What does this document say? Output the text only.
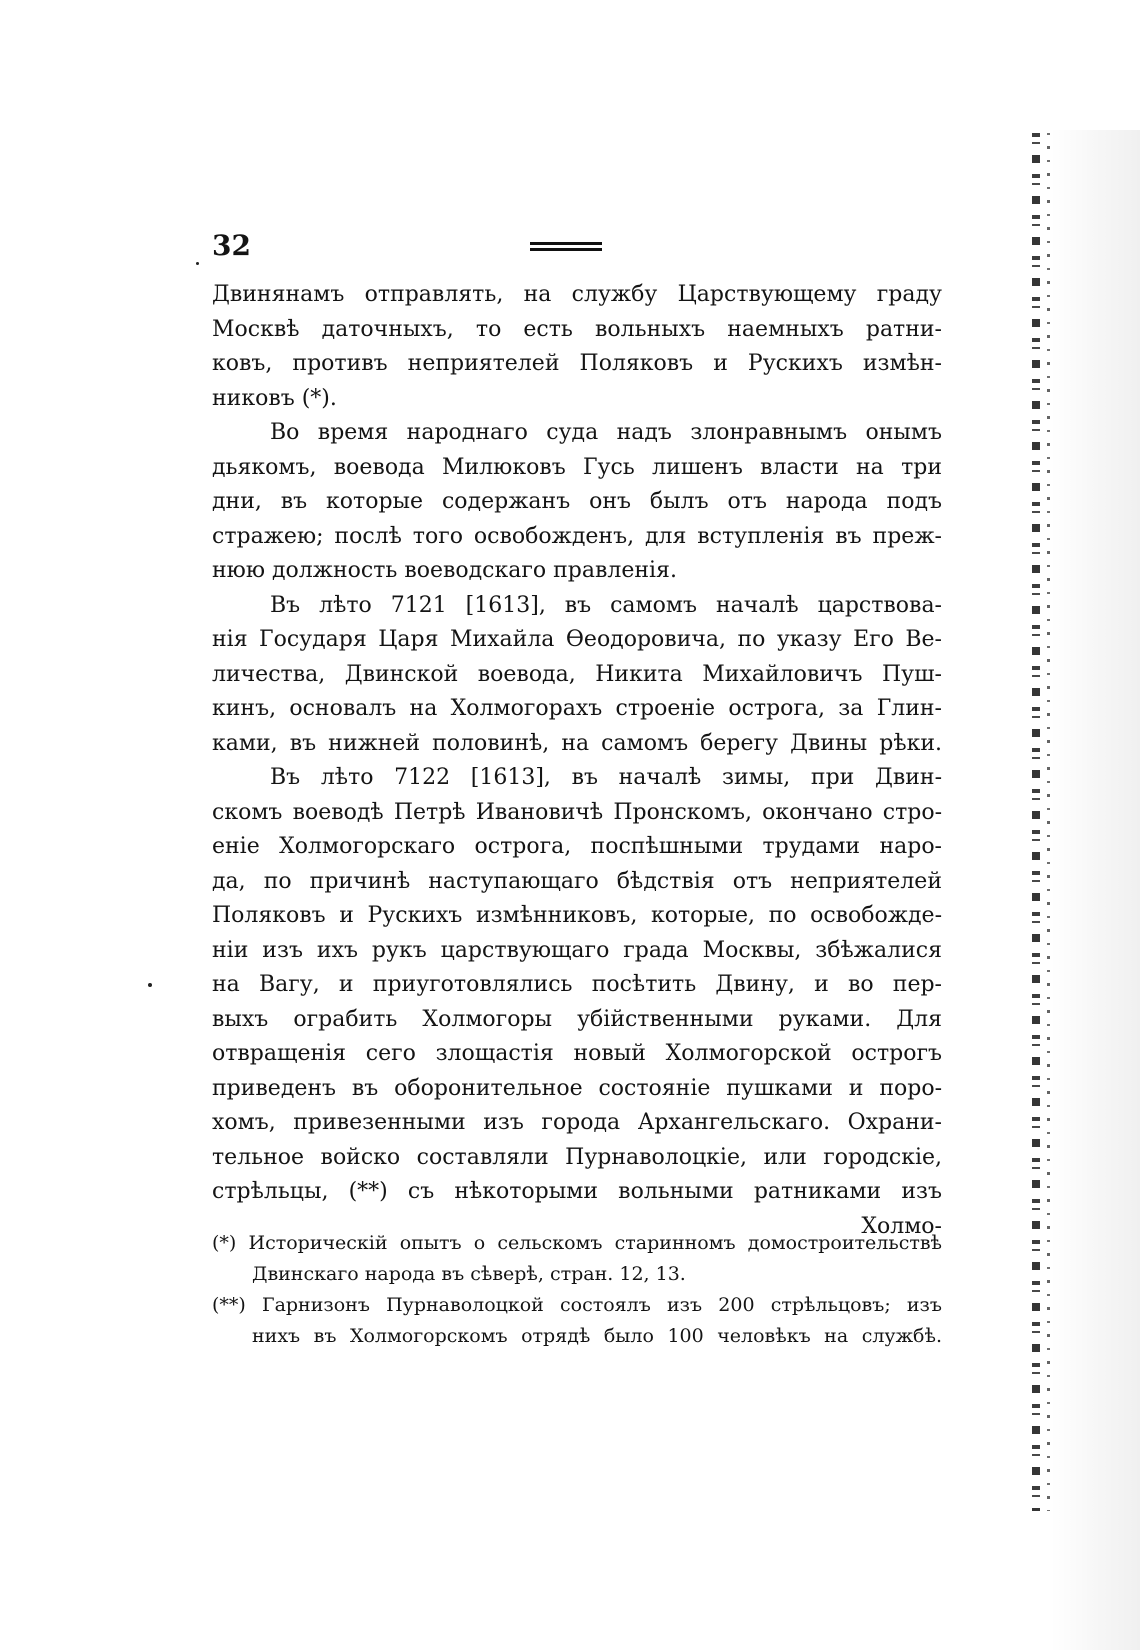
32
Двинянамъ отправлять, на службу Царствующему граду
Москвѣ даточныхъ, то есть вольныхъ наемныхъ ратни-
ковъ, противъ неприятелей Поляковъ и Рускихъ измѣн-
никовъ (*).
Во время народнаго суда надъ злонравнымъ онымъ
дьякомъ, воевода Милюковъ Гусь лишенъ власти на три
дни, въ которые содержанъ онъ былъ отъ народа подъ
стражею; послѣ того освобожденъ, для вступленія въ преж-
нюю должность воеводскаго правленія.
Въ лѣто 7121 [1613], въ самомъ началѣ царствова-
нія Государя Царя Михайла Ѳеодоровича, по указу Его Ве-
личества, Двинской воевода, Никита Михайловичъ Пуш-
кинъ, основалъ на Холмогорахъ строеніе острога, за Глин-
ками, въ нижней половинѣ, на самомъ берегу Двины рѣки.
Въ лѣто 7122 [1613], въ началѣ зимы, при Двин-
скомъ воеводѣ Петрѣ Ивановичѣ Пронскомъ, окончано стро-
еніе Холмогорскаго острога, поспѣшными трудами наро-
да, по причинѣ наступающаго бѣдствія отъ неприятелей
Поляковъ и Рускихъ измѣнниковъ, которые, по освобожде-
ніи изъ ихъ рукъ царствующаго града Москвы, збѣжалися
на Вагу, и приуготовлялись посѣтить Двину, и во пер-
выхъ ограбить Холмогоры убійственными руками. Для
отвращенія сего злощастія новый Холмогорской острогъ
приведенъ въ оборонительное состояніе пушками и поро-
хомъ, привезенными изъ города Архангельскаго. Охрани-
тельное войско составляли Пурнаволоцкіе, или городскіе,
стрѣльцы, (**) съ нѣкоторыми вольными ратниками изъ
Холмо-
(*) Историческій опытъ о сельскомъ старинномъ домостроительствѣ
Двинскаго народа въ сѣверѣ, стран. 12, 13.
(**) Гарнизонъ Пурнаволоцкой состоялъ изъ 200 стрѣльцовъ; изъ
нихъ въ Холмогорскомъ отрядѣ было 100 человѣкъ на службѣ.
